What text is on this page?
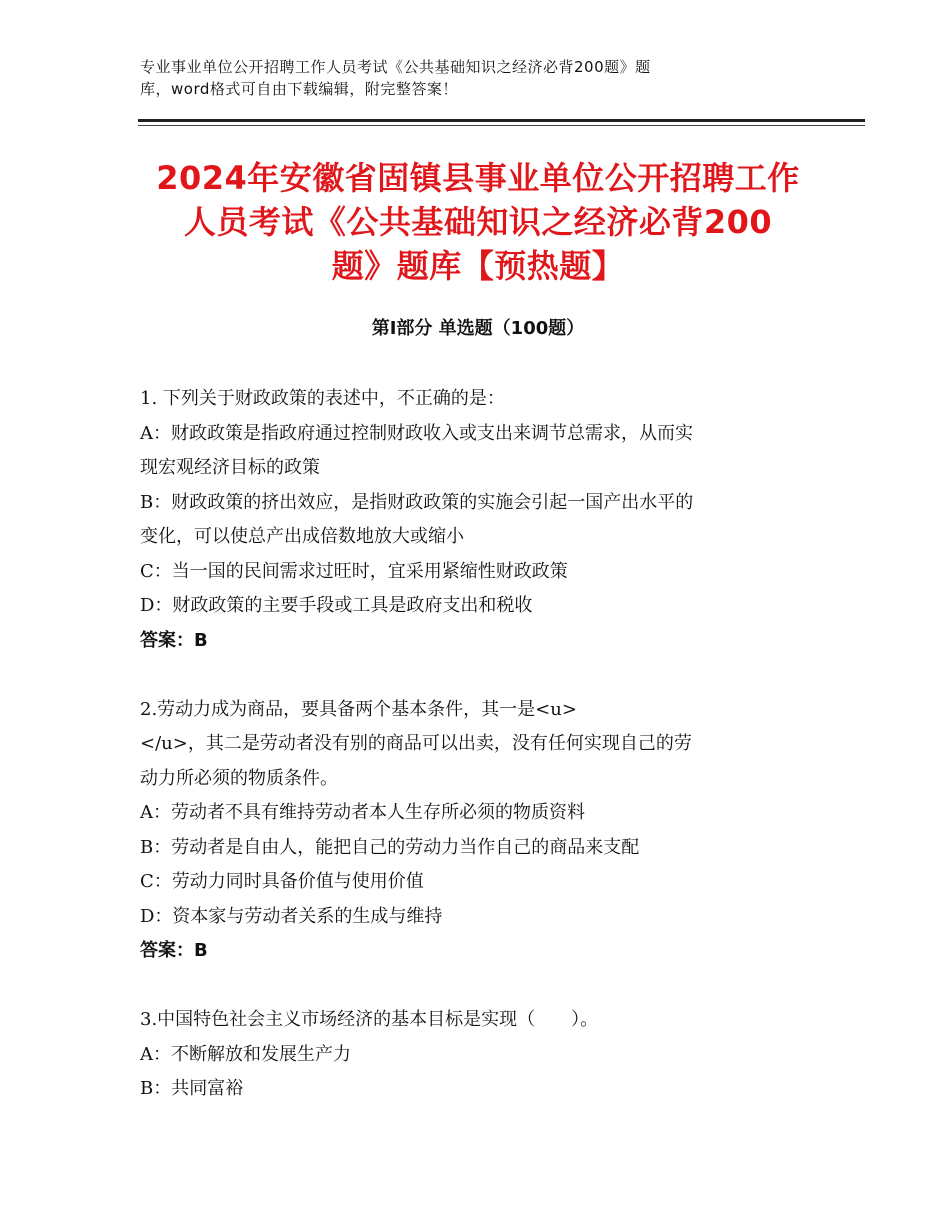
专业事业单位公开招聘工作人员考试《公共基础知识之经济必背200题》题
库，word格式可自由下载编辑，附完整答案！
2024年安徽省固镇县事业单位公开招聘工作
人员考试《公共基础知识之经济必背200
题》题库【预热题】
第Ⅰ部分 单选题（100题）
1. 下列关于财政政策的表述中，不正确的是：
A：财政政策是指政府通过控制财政收入或支出来调节总需求，从而实
现宏观经济目标的政策
B：财政政策的挤出效应，是指财政政策的实施会引起一国产出水平的
变化，可以使总产出成倍数地放大或缩小
C：当一国的民间需求过旺时，宜采用紧缩性财政政策
D：财政政策的主要手段或工具是政府支出和税收
答案：B
2.劳动力成为商品，要具备两个基本条件，其一是<u>
</u>，其二是劳动者没有别的商品可以出卖，没有任何实现自己的劳
动力所必须的物质条件。
A：劳动者不具有维持劳动者本人生存所必须的物质资料
B：劳动者是自由人，能把自己的劳动力当作自己的商品来支配
C：劳动力同时具备价值与使用价值
D：资本家与劳动者关系的生成与维持
答案：B
3.中国特色社会主义市场经济的基本目标是实现（　　）。
A：不断解放和发展生产力
B：共同富裕
